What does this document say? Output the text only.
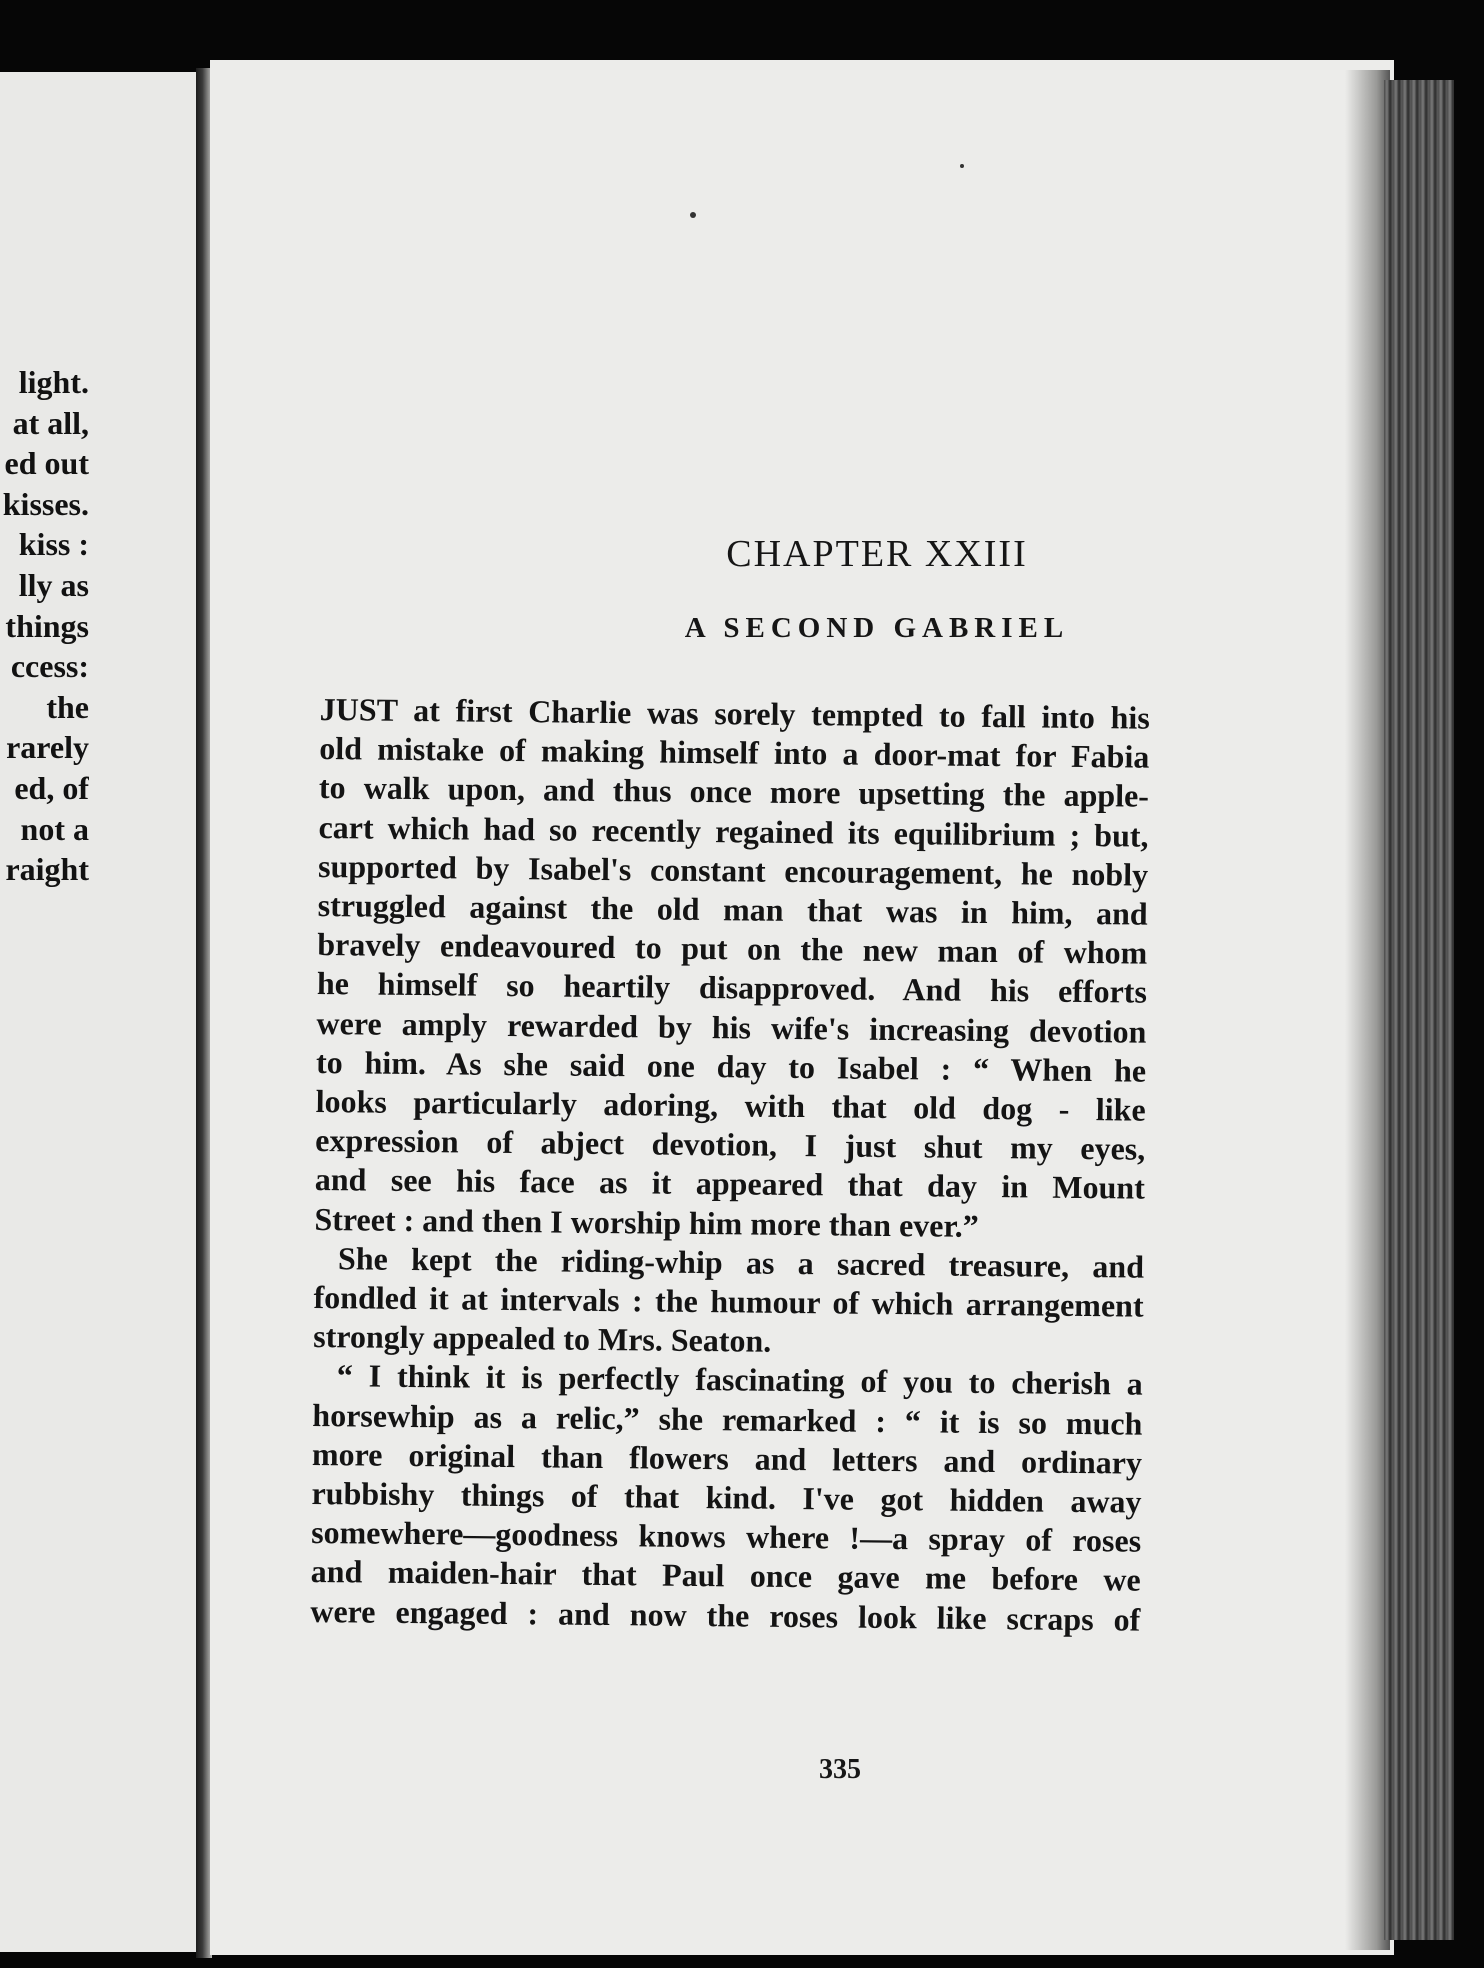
light.
at all,
ed out
kisses.
kiss :
lly as
things
ccess:
the
rarely
ed, of
not a
raight
CHAPTER XXIII
A SECOND GABRIEL
JUST at first Charlie was sorely tempted to fall into his
old mistake of making himself into a door-mat for Fabia
to walk upon, and thus once more upsetting the apple-
cart which had so recently regained its equilibrium ; but,
supported by Isabel's constant encouragement, he nobly
struggled against the old man that was in him, and
bravely endeavoured to put on the new man of whom
he himself so heartily disapproved. And his efforts
were amply rewarded by his wife's increasing devotion
to him. As she said one day to Isabel : “ When he
looks particularly adoring, with that old dog - like
expression of abject devotion, I just shut my eyes,
and see his face as it appeared that day in Mount
Street : and then I worship him more than ever.”
She kept the riding-whip as a sacred treasure, and
fondled it at intervals : the humour of which arrangement
strongly appealed to Mrs. Seaton.
“ I think it is perfectly fascinating of you to cherish a
horsewhip as a relic,” she remarked : “ it is so much
more original than flowers and letters and ordinary
rubbishy things of that kind. I've got hidden away
somewhere—goodness knows where !—a spray of roses
and maiden-hair that Paul once gave me before we
were engaged : and now the roses look like scraps of
335
